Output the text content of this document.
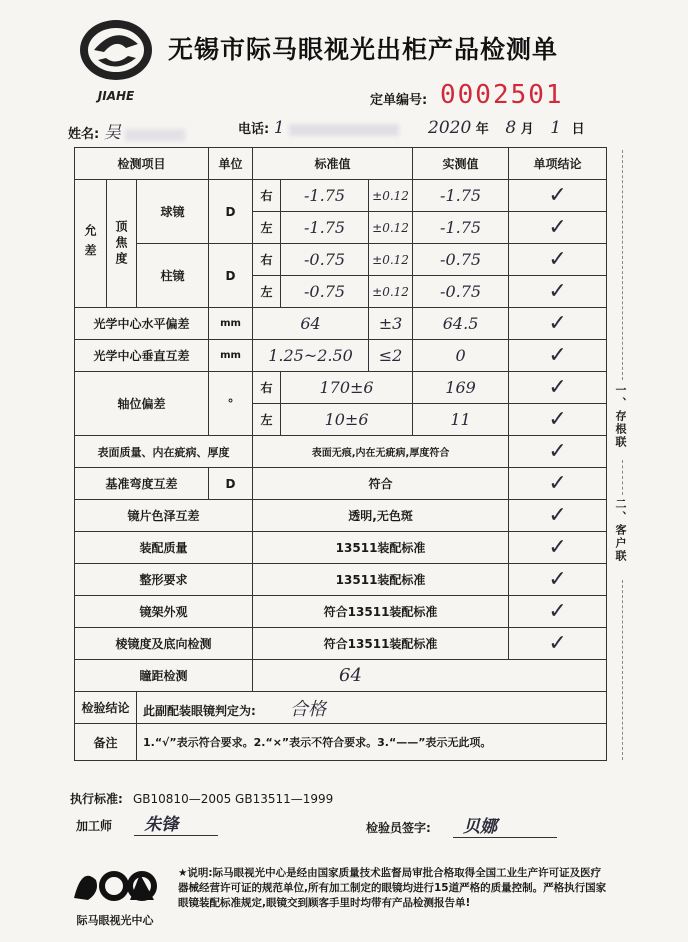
JIAHE
无锡市际马眼视光出柜产品检测单
定单编号: 0002501
姓名: 吴	电话: 1	2020 年 8 月 1 日
检测项目			单位	标准值			实测值	单项结论
允差	顶焦度	球镜	D	右	-1.75	±0.12	-1.75	✓
				左	-1.75	±0.12	-1.75	✓
		柱镜	D	右	-0.75	±0.12	-0.75	✓
				左	-0.75	±0.12	-0.75	✓
光学中心水平偏差			mm	64		±3	64.5	✓
光学中心垂直互差			mm	1.25~2.50		≤2	0	✓
轴位偏差			°	右	170±6		169	✓
				左	10±6		11	✓
表面质量、内在疵病、厚度				表面无痕,内在无疵病,厚度符合				✓
基准弯度互差			D	符合				✓
镜片色泽互差				透明,无色斑				✓
装配质量				13511装配标准				✓
整形要求				13511装配标准				✓
镜架外观				符合13511装配标准				✓
棱镜度及底向检测				符合13511装配标准				✓
瞳距检测				64				
检验结论		此副配装眼镜判定为: 合格						
备注		1.“√”表示符合要求。2.“×”表示不符合要求。3.“——”表示无此项。						
一、存根联
二、客户联
执行标准: GB10810—2005 GB13511—1999
加工师 朱锋	检验员签字: 贝娜
际马眼视光中心
★说明:际马眼视光中心是经由国家质量技术监督局审批合格取得全国工业生产许可证及医疗器械经营许可证的规范单位,所有加工制定的眼镜均进行15道严格的质量控制。严格执行国家眼镜装配标准规定,眼镜交到顾客手里时均带有产品检测报告单!
